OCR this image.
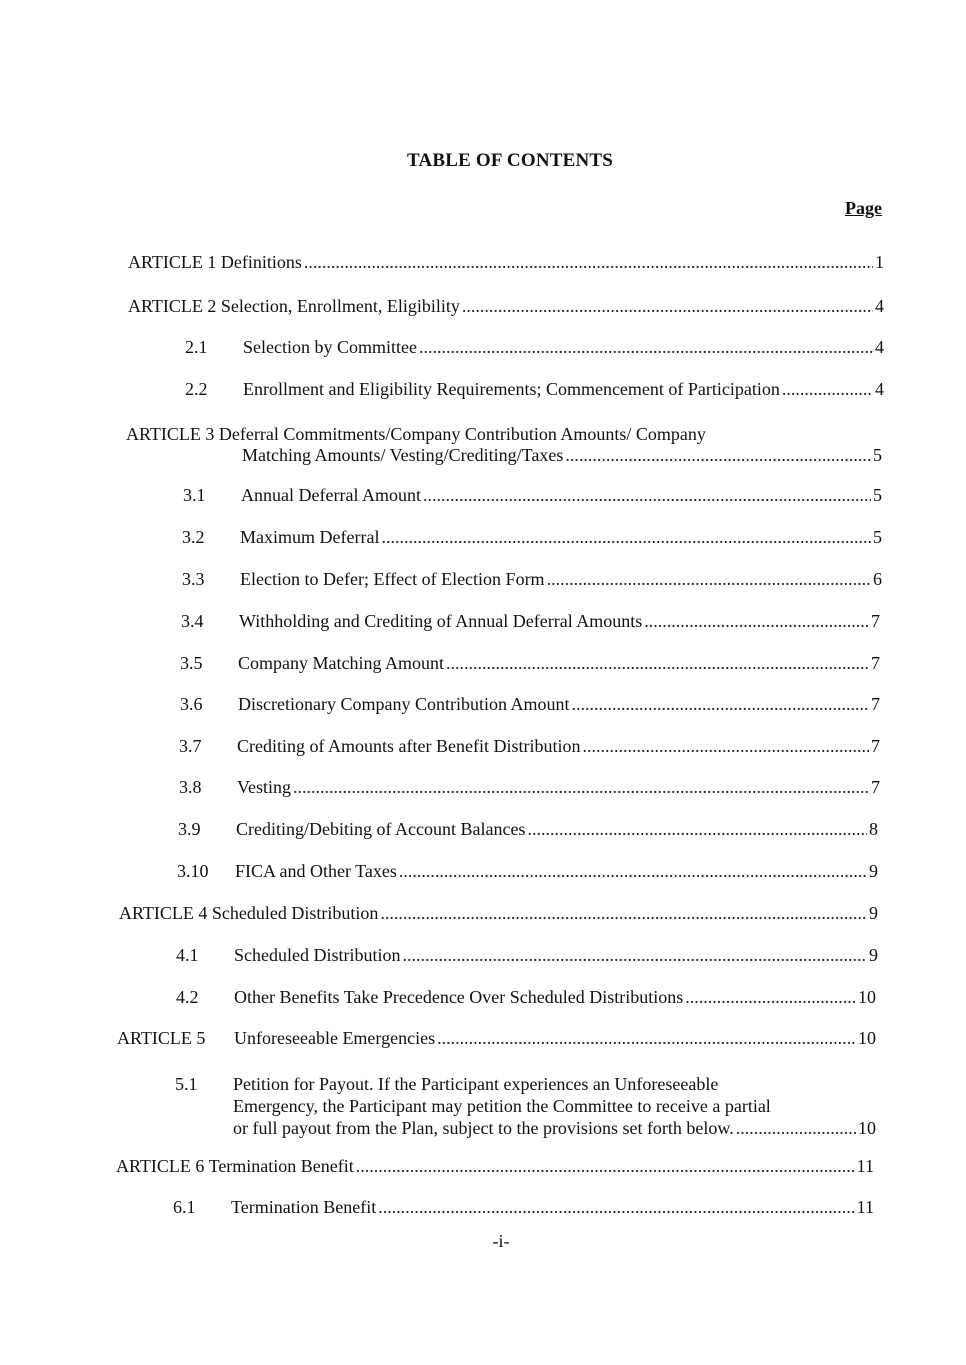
TABLE OF CONTENTS
Page
ARTICLE 1 Definitions .....	1
ARTICLE 2 Selection, Enrollment, Eligibility .....	4
2.1	Selection by Committee .....	4
2.2	Enrollment and Eligibility Requirements; Commencement of Participation .....	4
ARTICLE 3 Deferral Commitments/Company Contribution Amounts/ Company
Matching Amounts/ Vesting/Crediting/Taxes .....	5
3.1	Annual Deferral Amount .....	5
3.2	Maximum Deferral .....	5
3.3	Election to Defer; Effect of Election Form .....	6
3.4	Withholding and Crediting of Annual Deferral Amounts .....	7
3.5	Company Matching Amount .....	7
3.6	Discretionary Company Contribution Amount .....	7
3.7	Crediting of Amounts after Benefit Distribution .....	7
3.8	Vesting .....	7
3.9	Crediting/Debiting of Account Balances .....	8
3.10	FICA and Other Taxes .....	9
ARTICLE 4 Scheduled Distribution .....	9
4.1	Scheduled Distribution .....	9
4.2	Other Benefits Take Precedence Over Scheduled Distributions .....	10
ARTICLE 5	Unforeseeable Emergencies .....	10
5.1 Petition for Payout. If the Participant experiences an Unforeseeable
Emergency, the Participant may petition the Committee to receive a partial
or full payout from the Plan, subject to the provisions set forth below. .....	10
ARTICLE 6 Termination Benefit .....	11
6.1	Termination Benefit .....	11
-i-
